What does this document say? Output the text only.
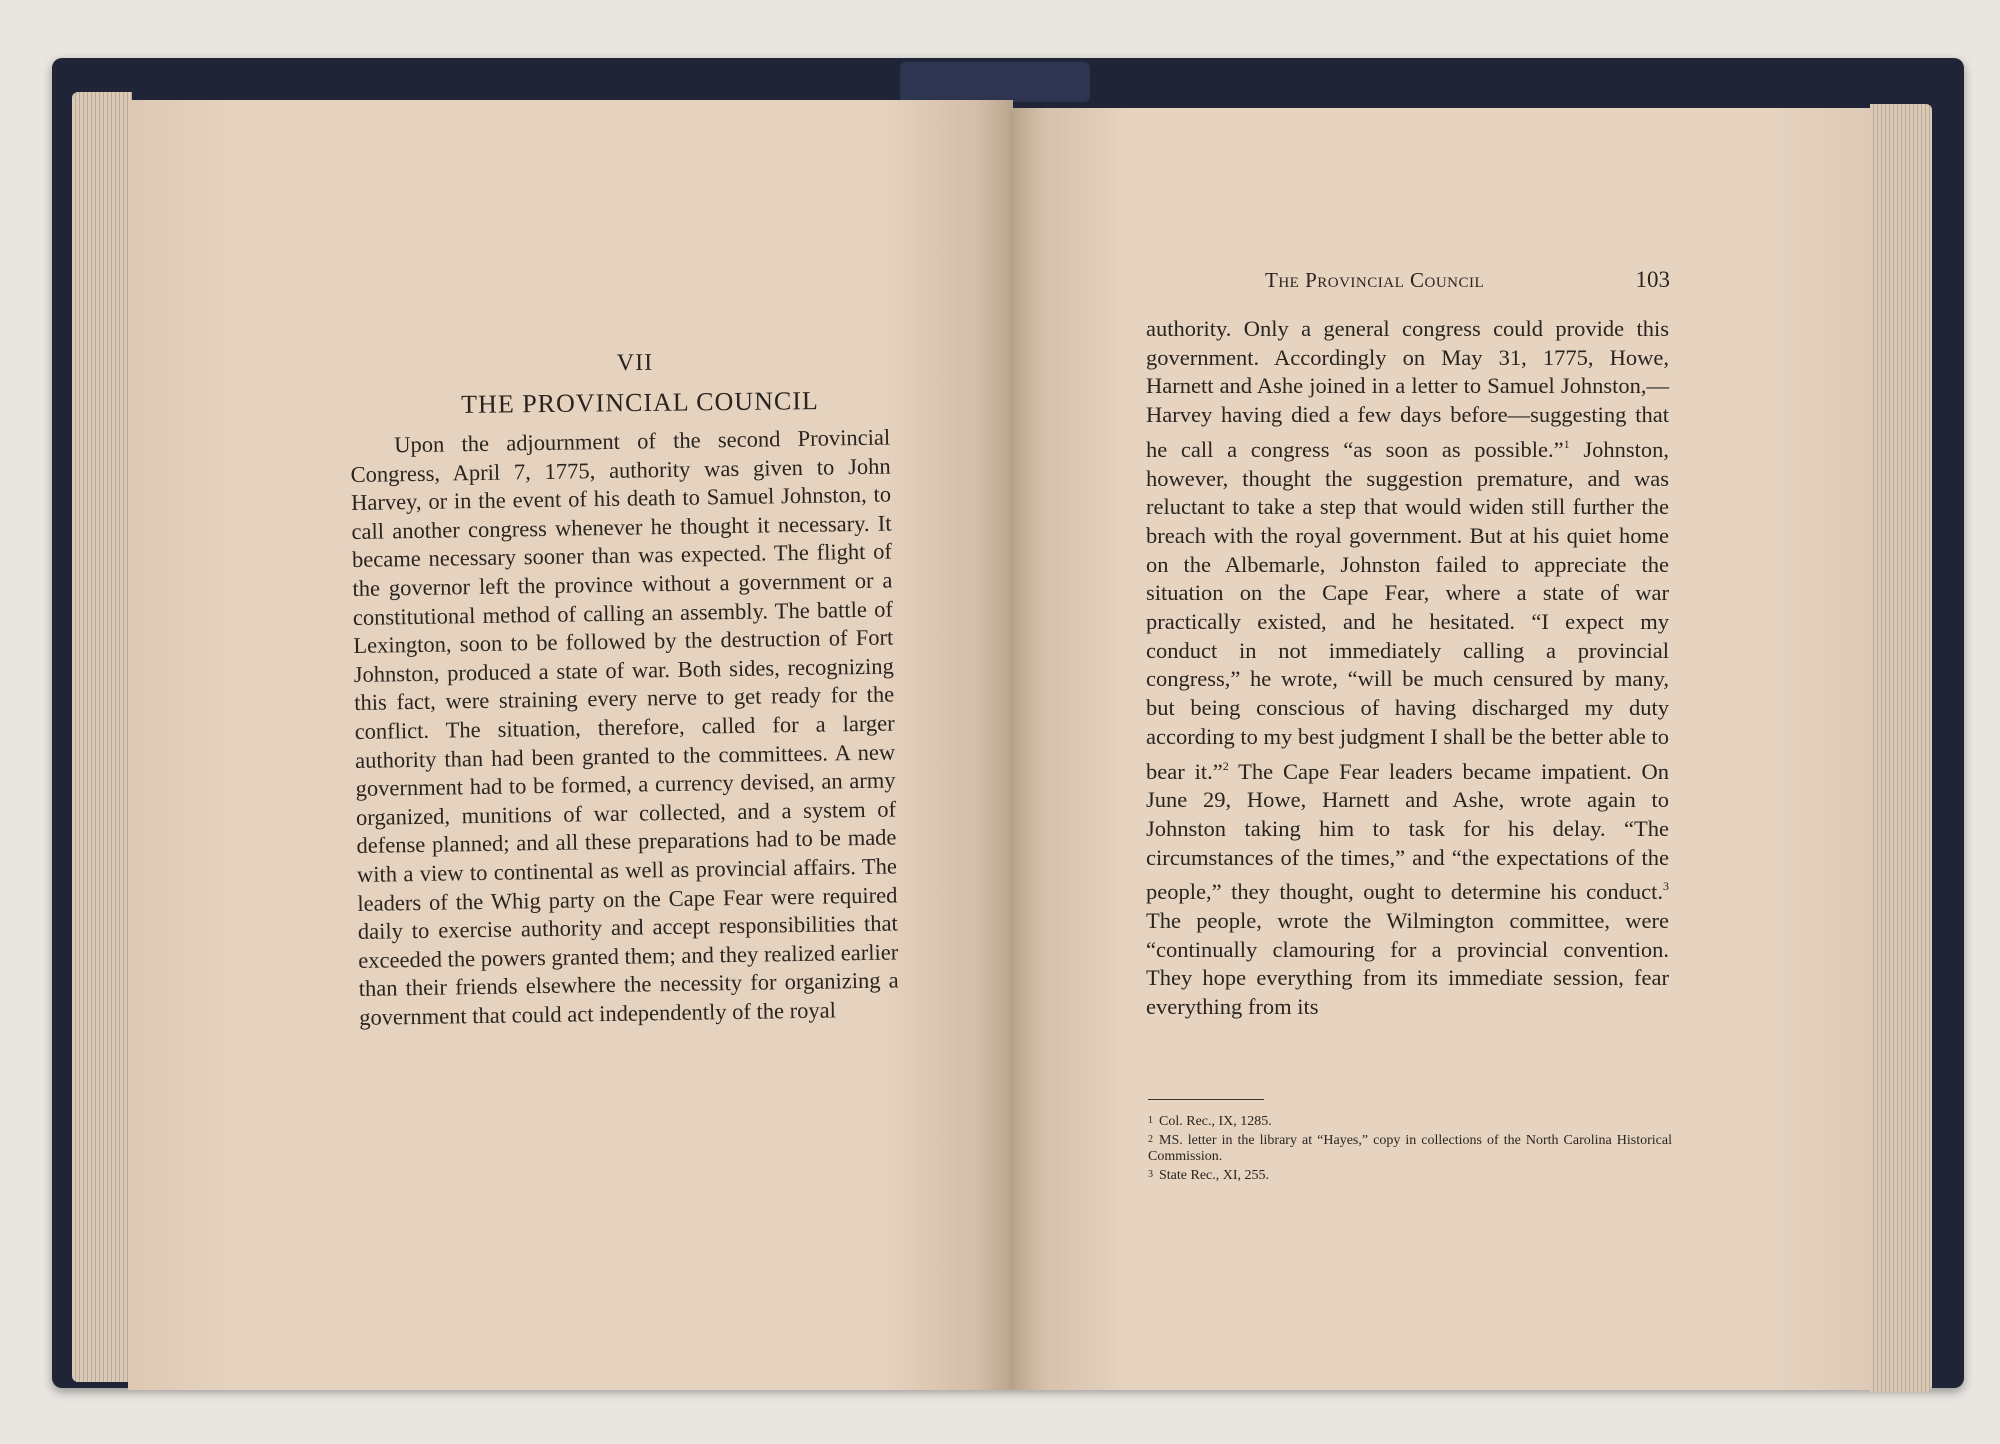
VII
THE PROVINCIAL COUNCIL

Upon the adjournment of the second Provincial Congress, April 7, 1775, authority was given to John Harvey, or in the event of his death to Samuel Johnston, to call another congress whenever he thought it necessary. It became necessary sooner than was expected. The flight of the governor left the province without a government or a constitutional method of calling an assembly. The battle of Lexington, soon to be followed by the destruction of Fort Johnston, produced a state of war. Both sides, recognizing this fact, were straining every nerve to get ready for the conflict. The situation, therefore, called for a larger authority than had been granted to the committees. A new government had to be formed, a currency devised, an army organized, munitions of war collected, and a system of defense planned; and all these preparations had to be made with a view to continental as well as provincial affairs. The leaders of the Whig party on the Cape Fear were required daily to exercise authority and accept responsibilities that exceeded the powers granted them; and they realized earlier than their friends elsewhere the necessity for organizing a government that could act independently of the royal

The Provincial Council	103

authority. Only a general congress could provide this government. Accordingly on May 31, 1775, Howe, Harnett and Ashe joined in a letter to Samuel Johnston,—Harvey having died a few days before—suggesting that he call a congress “as soon as possible.”$^1$ Johnston, however, thought the suggestion premature, and was reluctant to take a step that would widen still further the breach with the royal government. But at his quiet home on the Albemarle, Johnston failed to appreciate the situation on the Cape Fear, where a state of war practically existed, and he hesitated. “I expect my conduct in not immediately calling a provincial congress,” he wrote, “will be much censured by many, but being conscious of having discharged my duty according to my best judgment I shall be the better able to bear it.”$^2$ The Cape Fear leaders became impatient. On June 29, Howe, Harnett and Ashe, wrote again to Johnston taking him to task for his delay. “The circumstances of the times,” and “the expectations of the people,” they thought, ought to determine his conduct.$^3$ The people, wrote the Wilmington committee, were “continually clamouring for a provincial convention. They hope everything from its immediate session, fear everything from its

1 Col. Rec., IX, 1285.
2 MS. letter in the library at “Hayes,” copy in collections of the North Carolina Historical Commission.
3 State Rec., XI, 255.
